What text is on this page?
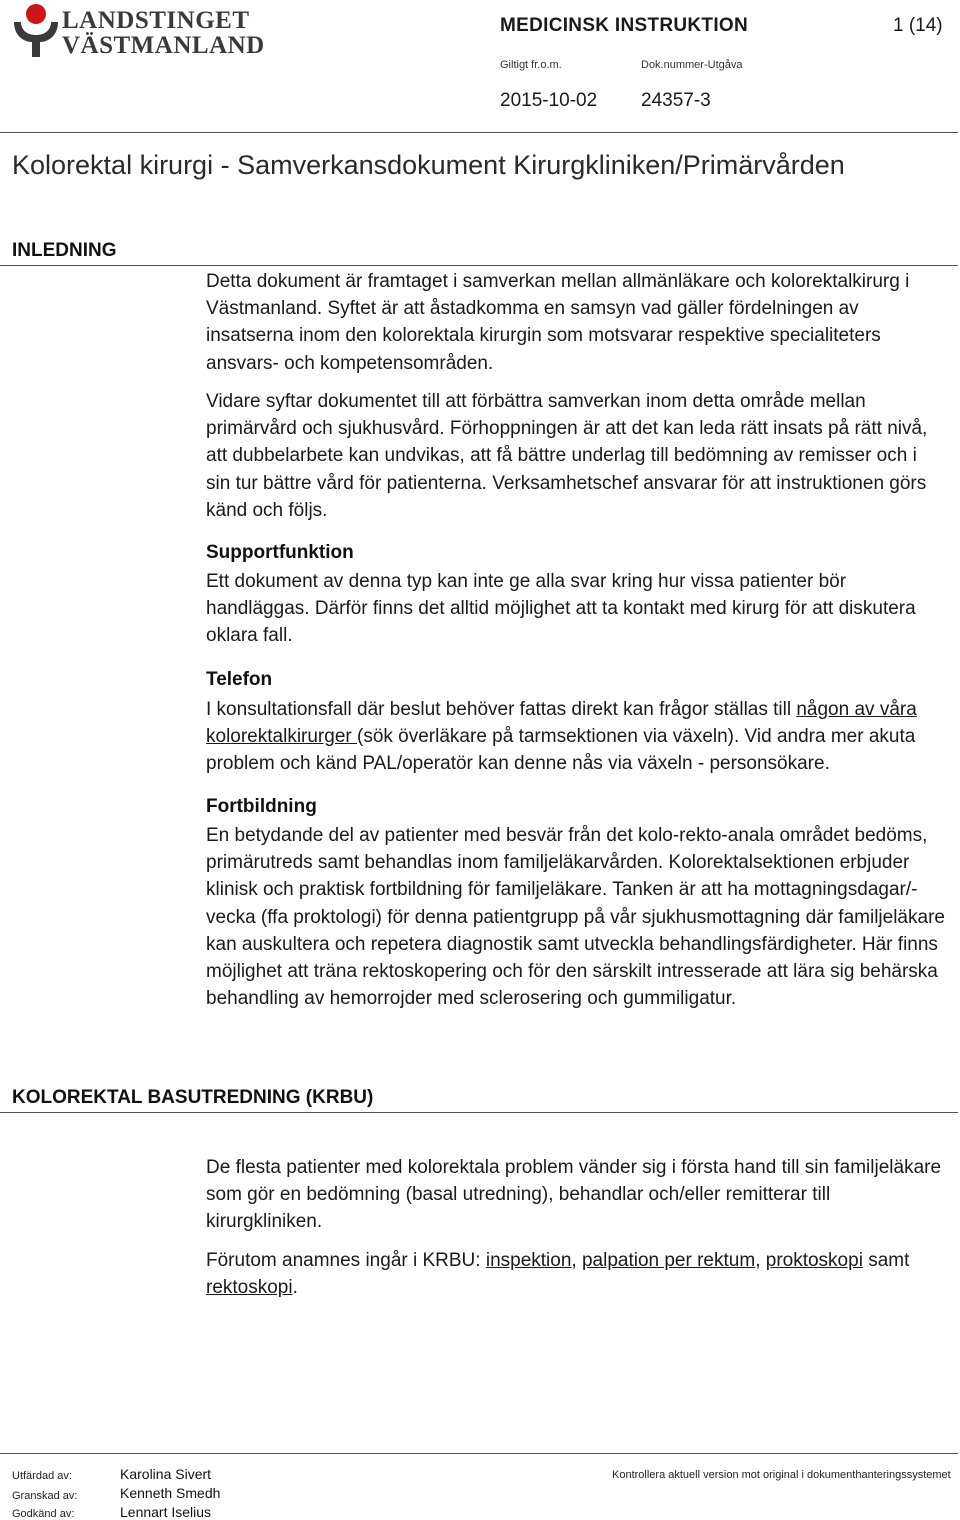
LANDSTINGET
VÄSTMANLAND
MEDICINSK INSTRUKTION	1 (14)
Giltigt fr.o.m.	Dok.nummer-Utgåva
2015-10-02 24357-3
Kolorektal kirurgi - Samverkansdokument Kirurgkliniken/Primärvården
INLEDNING
Detta dokument är framtaget i samverkan mellan allmänläkare och kolorektalkirurg i Västmanland. Syftet är att åstadkomma en samsyn vad gäller fördelningen av insatserna inom den kolorektala kirurgin som motsvarar respektive specialiteters ansvars- och kompetensområden.
Vidare syftar dokumentet till att förbättra samverkan inom detta område mellan primärvård och sjukhusvård. Förhoppningen är att det kan leda rätt insats på rätt nivå, att dubbelarbete kan undvikas, att få bättre underlag till bedömning av remisser och i sin tur bättre vård för patienterna. Verksamhetschef ansvarar för att instruktionen görs känd och följs.
Supportfunktion
Ett dokument av denna typ kan inte ge alla svar kring hur vissa patienter bör handläggas. Därför finns det alltid möjlighet att ta kontakt med kirurg för att diskutera oklara fall.
Telefon
I konsultationsfall där beslut behöver fattas direkt kan frågor ställas till någon av våra kolorektalkirurger (sök överläkare på tarmsektionen via växeln). Vid andra mer akuta problem och känd PAL/operatör kan denne nås via växeln - personsökare.
Fortbildning
En betydande del av patienter med besvär från det kolo-rekto-anala området bedöms, primärutreds samt behandlas inom familjeläkarvården. Kolorektalsektionen erbjuder klinisk och praktisk fortbildning för familjeläkare. Tanken är att ha mottagningsdagar/-vecka (ffa proktologi) för denna patientgrupp på vår sjukhusmottagning där familjeläkare kan auskultera och repetera diagnostik samt utveckla behandlingsfärdigheter. Här finns möjlighet att träna rektoskopering och för den särskilt intresserade att lära sig behärska behandling av hemorrojder med sclerosering och gummiligatur.
KOLOREKTAL BASUTREDNING (KRBU)
De flesta patienter med kolorektala problem vänder sig i första hand till sin familjeläkare som gör en bedömning (basal utredning), behandlar och/eller remitterar till kirurgkliniken.
Förutom anamnes ingår i KRBU: inspektion, palpation per rektum, proktoskopi samt rektoskopi.
Utfärdad av:	Karolina Sivert
Granskad av:	Kenneth Smedh
Godkänd av:	Lennart Iselius
Kontrollera aktuell version mot original i dokumenthanteringssystemet
